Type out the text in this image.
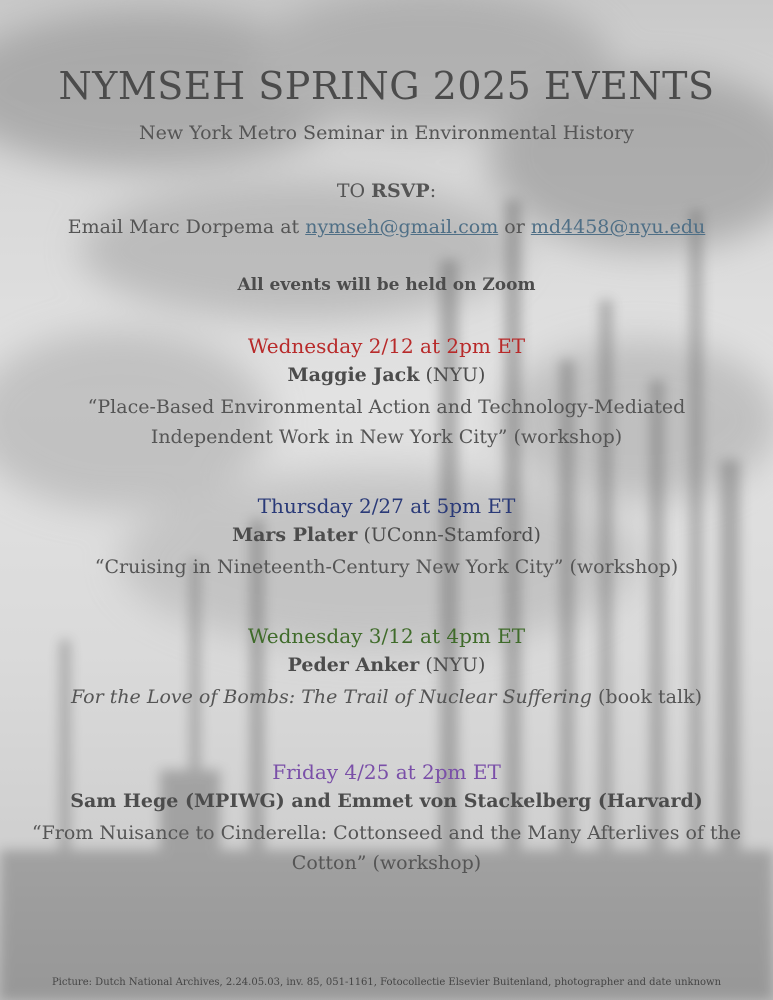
NYMSEH SPRING 2025 EVENTS
New York Metro Seminar in Environmental History
TO RSVP:
Email Marc Dorpema at nymseh@gmail.com or md4458@nyu.edu
All events will be held on Zoom
Wednesday 2/12 at 2pm ET
Maggie Jack (NYU)
“Place-Based Environmental Action and Technology-Mediated
Independent Work in New York City” (workshop)
Thursday 2/27 at 5pm ET
Mars Plater (UConn-Stamford)
“Cruising in Nineteenth-Century New York City” (workshop)
Wednesday 3/12 at 4pm ET
Peder Anker (NYU)
For the Love of Bombs: The Trail of Nuclear Suffering (book talk)
Friday 4/25 at 2pm ET
Sam Hege (MPIWG) and Emmet von Stackelberg (Harvard)
“From Nuisance to Cinderella: Cottonseed and the Many Afterlives of the
Cotton” (workshop)
Picture: Dutch National Archives, 2.24.05.03, inv. 85, 051-1161, Fotocollectie Elsevier Buitenland, photographer and date unknown
